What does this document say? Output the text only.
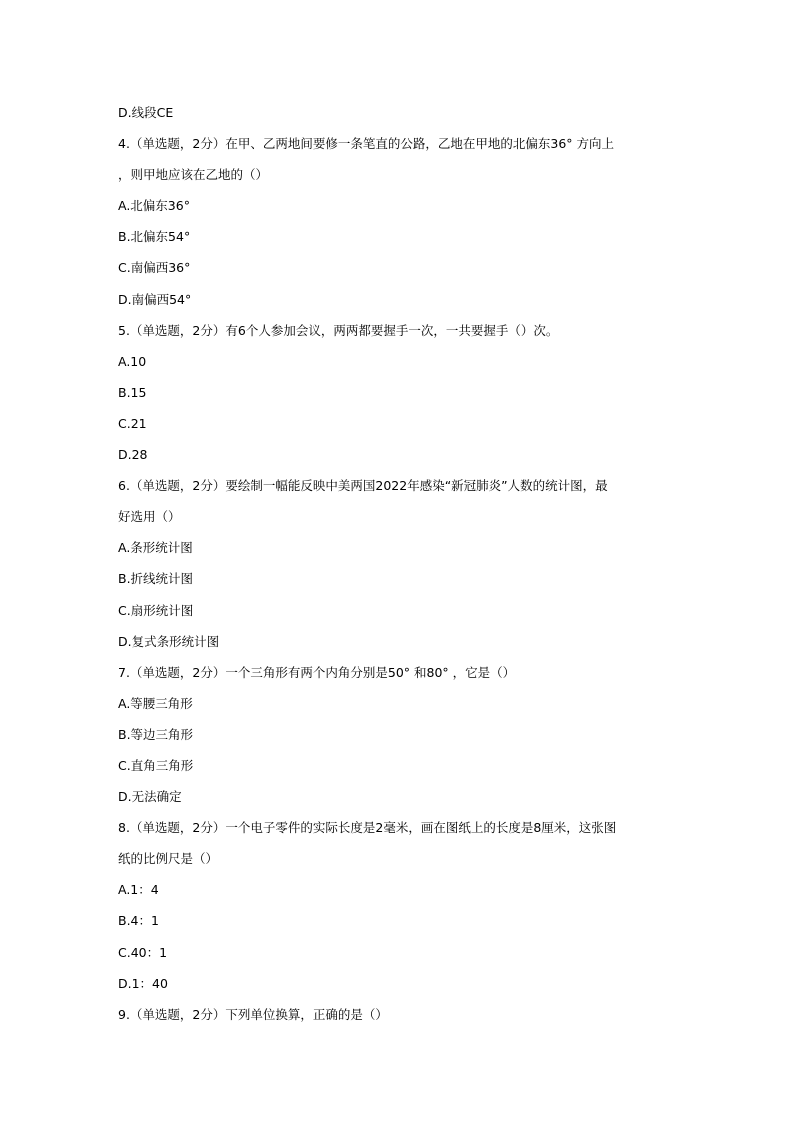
D.线段CE
4.（单选题，2分）在甲、乙两地间要修一条笔直的公路，乙地在甲地的北偏东36° 方向上
，则甲地应该在乙地的（）
A.北偏东36°
B.北偏东54°
C.南偏西36°
D.南偏西54°
5.（单选题，2分）有6个人参加会议，两两都要握手一次，一共要握手（）次。
A.10
B.15
C.21
D.28
6.（单选题，2分）要绘制一幅能反映中美两国2022年感染“新冠肺炎”人数的统计图，最
好选用（）
A.条形统计图
B.折线统计图
C.扇形统计图
D.复式条形统计图
7.（单选题，2分）一个三角形有两个内角分别是50° 和80° ，它是（）
A.等腰三角形
B.等边三角形
C.直角三角形
D.无法确定
8.（单选题，2分）一个电子零件的实际长度是2毫米，画在图纸上的长度是8厘米，这张图
纸的比例尺是（）
A.1：4
B.4：1
C.40：1
D.1：40
9.（单选题，2分）下列单位换算，正确的是（）
